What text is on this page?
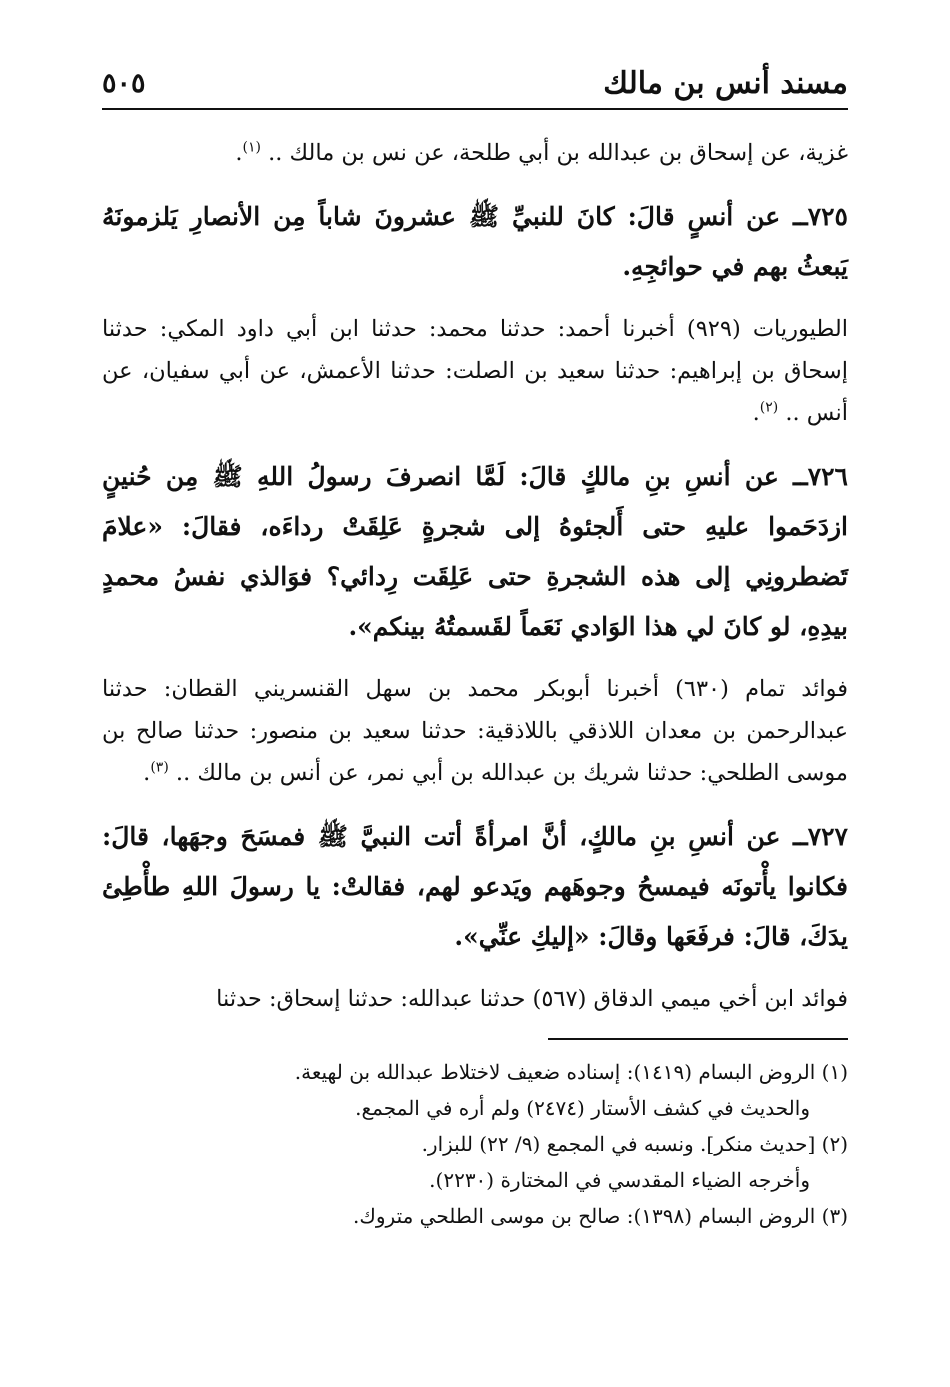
مسند أنس بن مالك
٥٠٥

غزية، عن إسحاق بن عبدالله بن أبي طلحة، عن نس بن مالك .. $^{(١)}$.

٧٢٥ــ عن أنسٍ قالَ: كانَ للنبيِّ ﷺ عشرونَ شاباً مِن الأنصارِ يَلزمونَهُ يَبعثُ بهم في حوائجِهِ.

الطيوريات (٩٢٩) أخبرنا أحمد: حدثنا محمد: حدثنا ابن أبي داود المكي: حدثنا إسحاق بن إبراهيم: حدثنا سعيد بن الصلت: حدثنا الأعمش، عن أبي سفيان، عن أنس .. $^{(٢)}$.

٧٢٦ــ عن أنسِ بنِ مالكٍ قالَ: لَمَّا انصرفَ رسولُ اللهِ ﷺ مِن حُنينٍ ازدَحَموا عليهِ حتى أَلجئوهُ إلى شجرةٍ عَلِقَتْ رداءَه، فقالَ: «علامَ تَضطرونِي إلى هذه الشجرةِ حتى عَلِقَت رِدائي؟ فوَالذي نفسُ محمدٍ بيدِهِ، لو كانَ لي هذا الوَادي نَعَماً لقَسمتُهُ بينكم».

فوائد تمام (٦٣٠) أخبرنا أبوبكر محمد بن سهل القنسريني القطان: حدثنا عبدالرحمن بن معدان اللاذقي باللاذقية: حدثنا سعيد بن منصور: حدثنا صالح بن موسى الطلحي: حدثنا شريك بن عبدالله بن أبي نمر، عن أنس بن مالك .. $^{(٣)}$.

٧٢٧ــ عن أنسِ بنِ مالكٍ، أنَّ امرأةً أتت النبيَّ ﷺ فمسَحَ وجهَها، قالَ: فكانوا يأْتونَه فيمسحُ وجوهَهم ويَدعو لهم، فقالتْ: يا رسولَ اللهِ طأْطِئ يدَكَ، قالَ: فرفَعَها وقالَ: «إليكِ عنِّي».

فوائد ابن أخي ميمي الدقاق (٥٦٧) حدثنا عبدالله: حدثنا إسحاق: حدثنا

(١) الروض البسام (١٤١٩): إسناده ضعيف لاختلاط عبدالله بن لهيعة.

والحديث في كشف الأستار (٢٤٧٤) ولم أره في المجمع.

(٢) [حديث منكر]. ونسبه في المجمع (٩/ ٢٢) للبزار.

وأخرجه الضياء المقدسي في المختارة (٢٢٣٠).

(٣) الروض البسام (١٣٩٨): صالح بن موسى الطلحي متروك.
